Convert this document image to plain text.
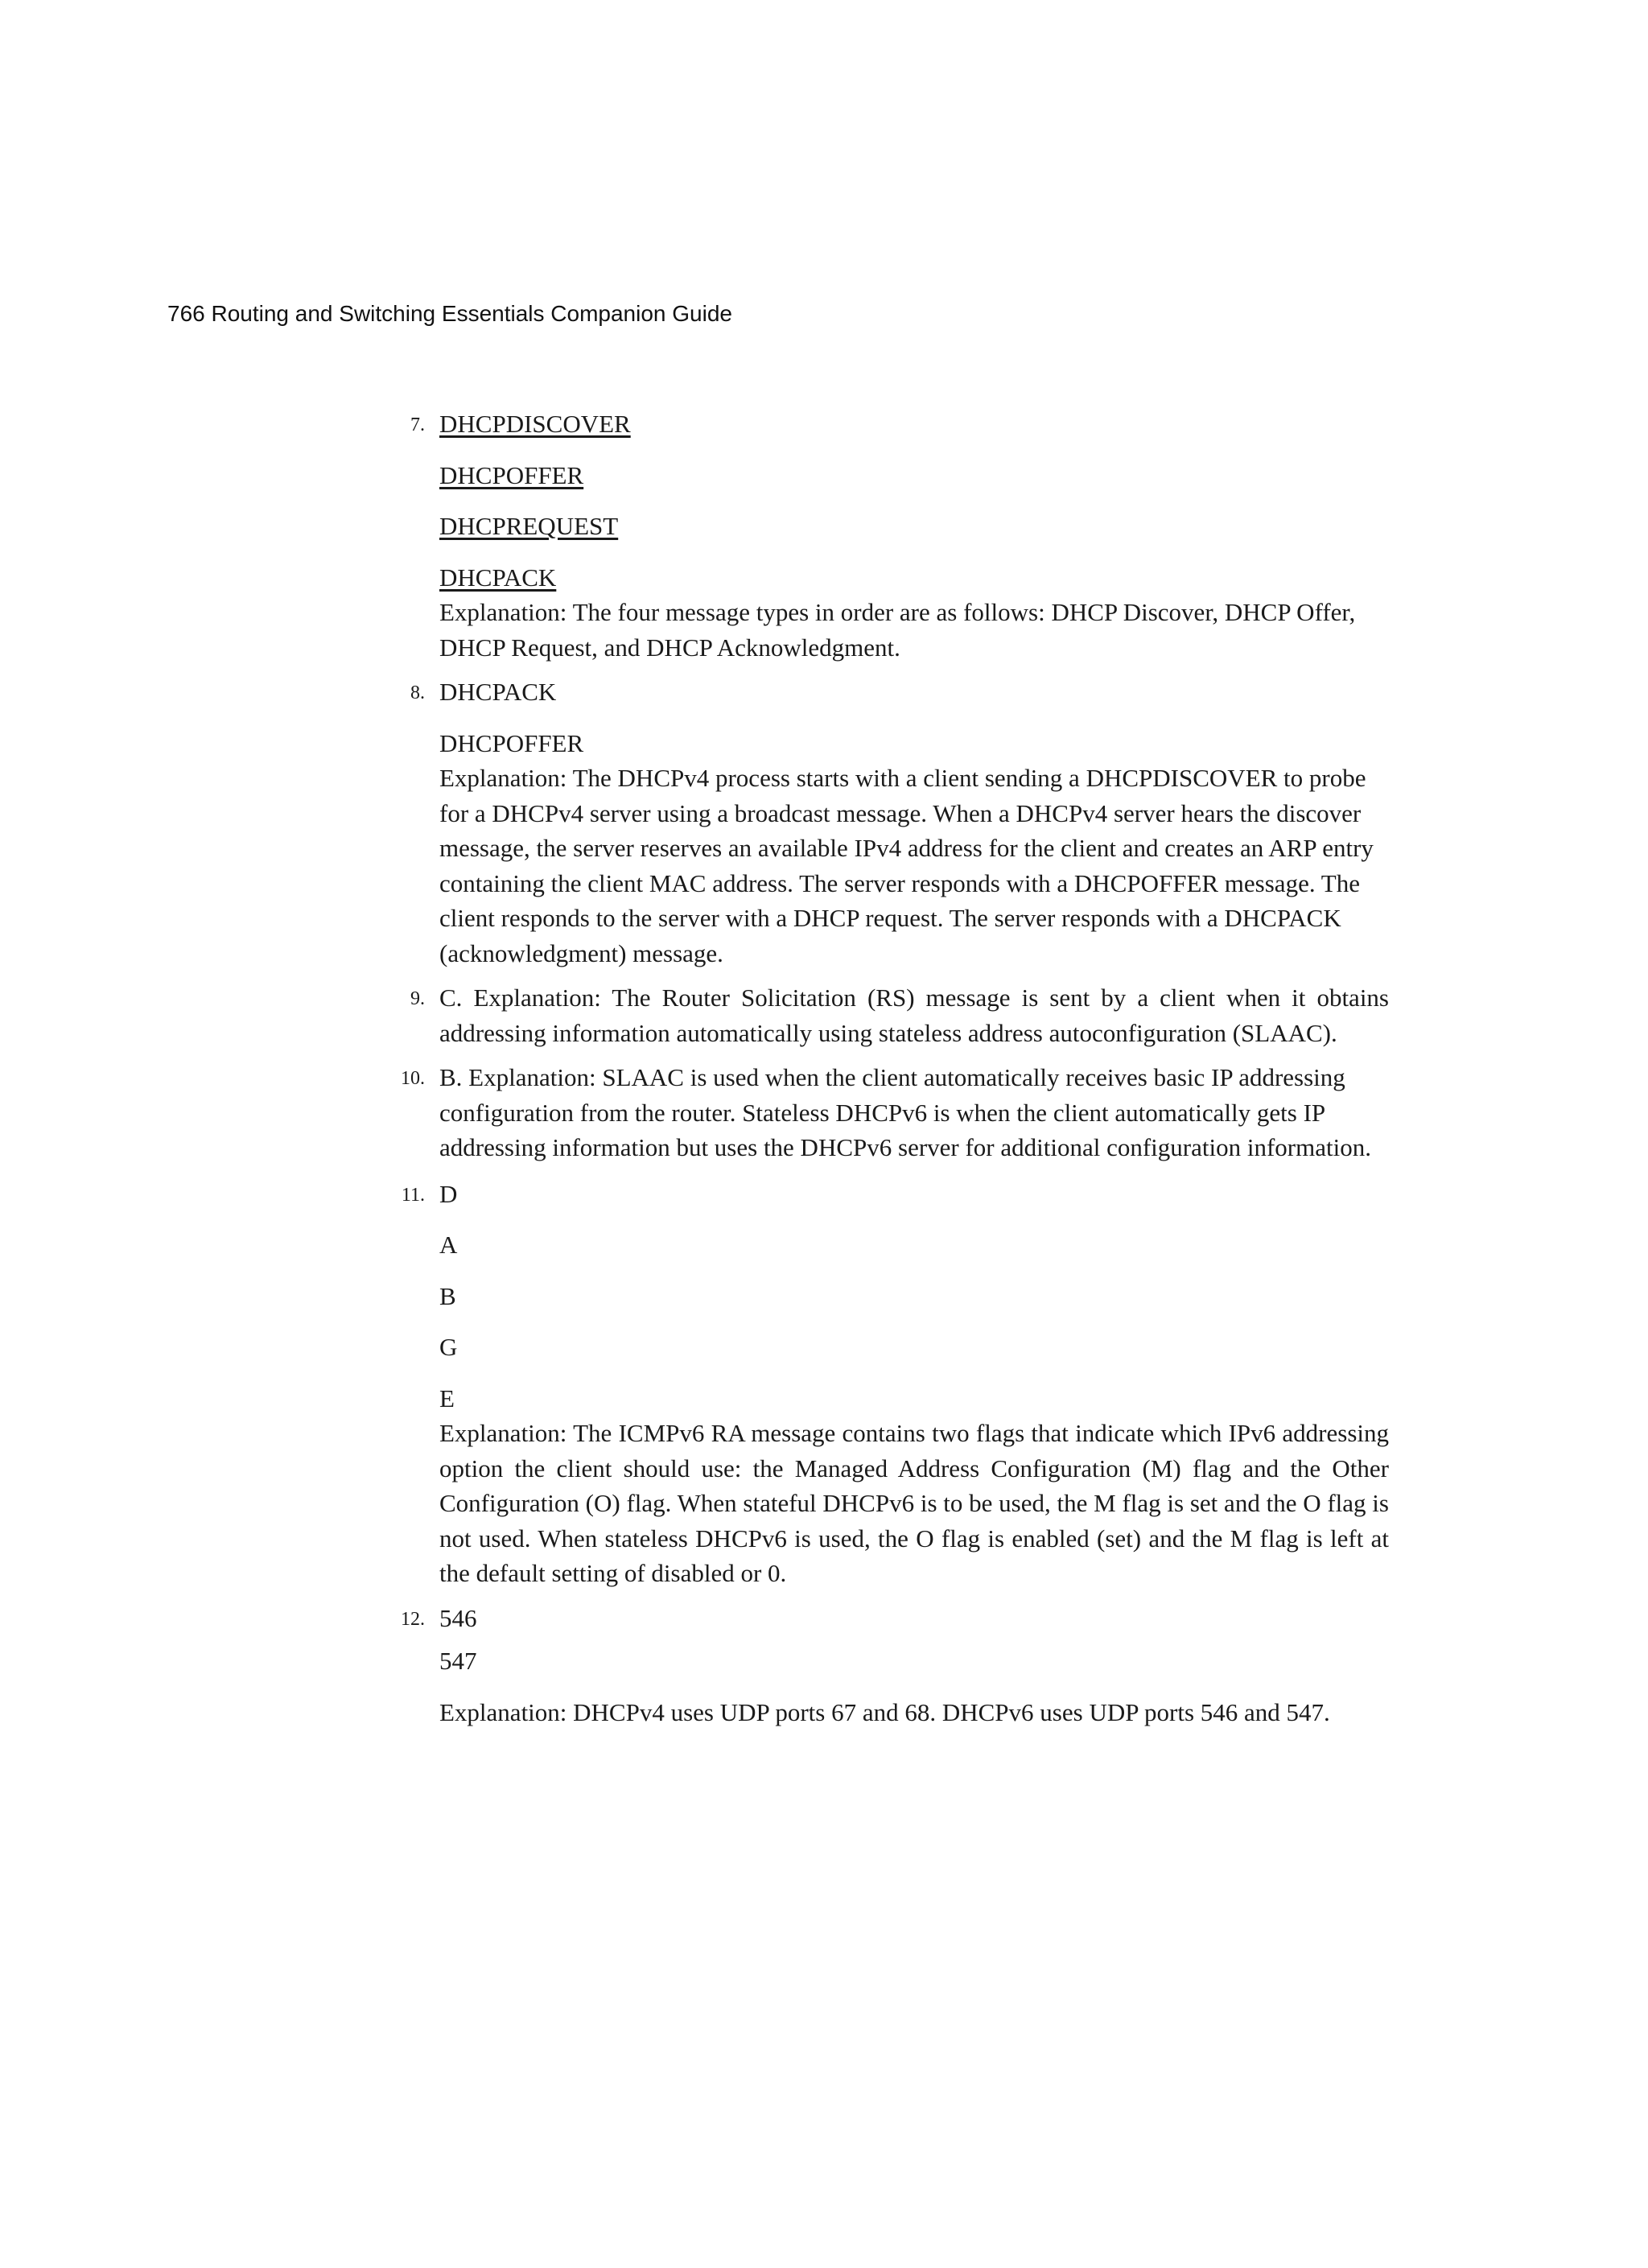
766 Routing and Switching Essentials Companion Guide
7. DHCPDISCOVER

DHCPOFFER

DHCPREQUEST

DHCPACK

Explanation: The four message types in order are as follows: DHCP Discover, DHCP Offer, DHCP Request, and DHCP Acknowledgment.

8. DHCPACK

DHCPOFFER

Explanation: The DHCPv4 process starts with a client sending a DHCPDISCOVER to probe for a DHCPv4 server using a broadcast message. When a DHCPv4 server hears the discover message, the server reserves an available IPv4 address for the client and creates an ARP entry containing the client MAC address. The server responds with a DHCPOFFER message. The client responds to the server with a DHCP request. The server responds with a DHCPACK (acknowledgment) message.

9. C. Explanation: The Router Solicitation (RS) message is sent by a client when it obtains addressing information automatically using stateless address autoconfiguration (SLAAC).

10. B. Explanation: SLAAC is used when the client automatically receives basic IP addressing configuration from the router. Stateless DHCPv6 is when the client automatically gets IP addressing information but uses the DHCPv6 server for additional configuration information.

11. D

A

B

G

E

Explanation: The ICMPv6 RA message contains two flags that indicate which IPv6 addressing option the client should use: the Managed Address Configuration (M) flag and the Other Configuration (O) flag. When stateful DHCPv6 is to be used, the M flag is set and the O flag is not used. When stateless DHCPv6 is used, the O flag is enabled (set) and the M flag is left at the default setting of disabled or 0.

12. 546

547

Explanation: DHCPv4 uses UDP ports 67 and 68. DHCPv6 uses UDP ports 546 and 547.
